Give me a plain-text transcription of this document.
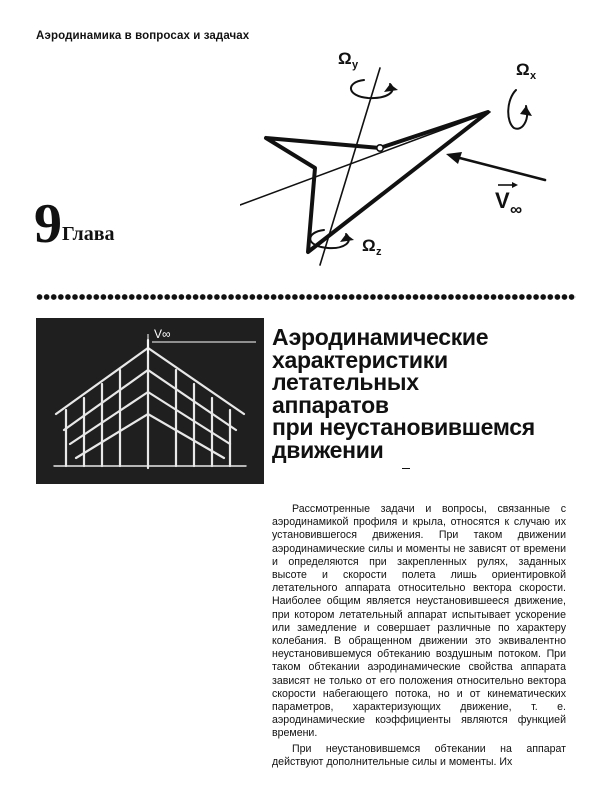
Аэродинамика в вопросах и задачах
Ω y	Ω x
Ω z
V ∞
9 Глава
V∞	Аэродинамические
характеристики
летательных
аппаратов
при неустановившемся
движении

Рассмотренные задачи и вопросы, связанные с аэродинамикой профиля и крыла, относятся к случаю их установившегося движения. При таком движении аэродинамические силы и моменты не зависят от времени и определяются при закрепленных рулях, заданных высоте и скорости полета лишь ориентировкой летательного аппарата относительно вектора скорости. Наиболее общим является неустановившееся движение, при котором летательный аппарат испытывает ускорение или замедление и совершает различные по характеру колебания. В обращенном движении это эквивалентно неустановившемуся обтеканию воздушным потоком. При таком обтекании аэродинамические свойства аппарата зависят не только от его положения относительно вектора скорости набегающего потока, но и от кинематических параметров, характеризующих движение, т. е. аэродинамические коэффициенты являются функцией времени.

При неустановившемся обтекании на аппарат действуют дополнительные силы и моменты. Их
